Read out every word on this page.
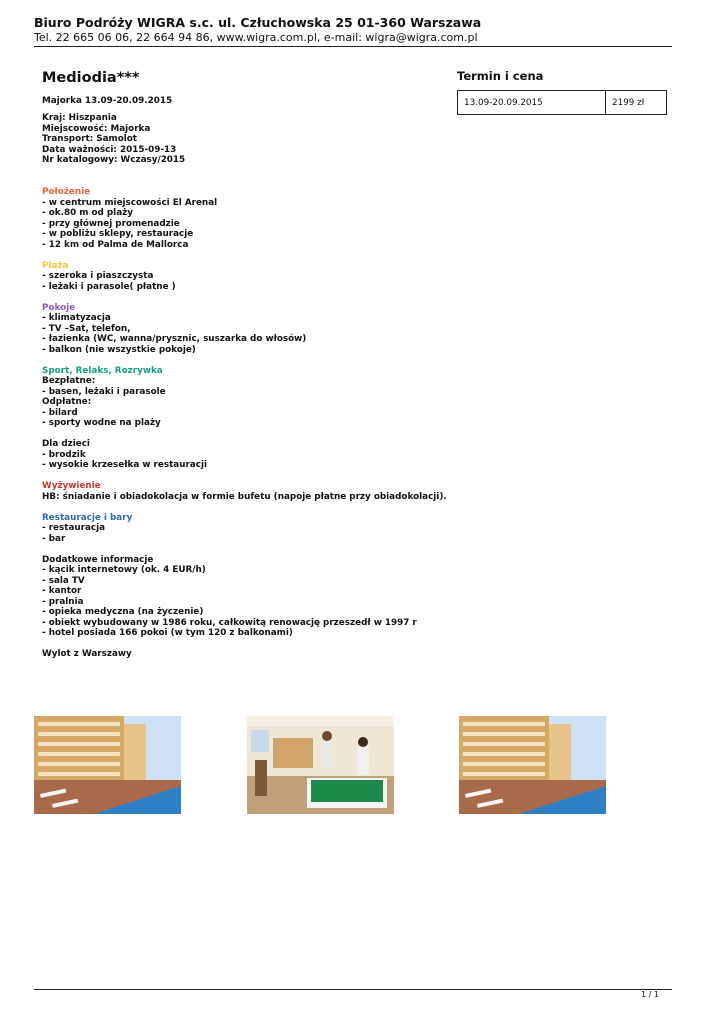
Biuro Podróży WIGRA s.c. ul. Człuchowska 25 01-360 Warszawa
Tel. 22 665 06 06, 22 664 94 86, www.wigra.com.pl, e-mail: wigra@wigra.com.pl
Mediodia***
Majorka 13.09-20.09.2015
Kraj: Hiszpania
Miejscowość: Majorka
Transport: Samolot
Data ważności: 2015-09-13
Nr katalogowy: Wczasy/2015
Położenie
- w centrum miejscowości El Arenal
- ok.80 m od plaży
- przy głównej promenadzie
- w pobliżu sklepy, restauracje
- 12 km od Palma de Mallorca
Plaża
- szeroka i piaszczysta
- leżaki i parasole( płatne )
Pokoje
- klimatyzacja
- TV –Sat, telefon,
- łazienka (WC, wanna/prysznic, suszarka do włosów)
- balkon (nie wszystkie pokoje)
Sport, Relaks, Rozrywka
Bezpłatne:
- basen, leżaki i parasole
Odpłatne:
- bilard
- sporty wodne na plaży
Dla dzieci
- brodzik
- wysokie krzesełka w restauracji
Wyżywienie
HB: śniadanie i obiadokolacja w formie bufetu (napoje płatne przy obiadokolacji).
Restauracje i bary
- restauracja
- bar
Dodatkowe informacje
- kącik internetowy (ok. 4 EUR/h)
- sala TV
- kantor
- pralnia
- opieka medyczna (na życzenie)
- obiekt wybudowany w 1986 roku, całkowitą renowację przeszedł w 1997 r
- hotel posiada 166 pokoi (w tym 120 z balkonami)
Wylot z Warszawy
Termin i cena
13.09-20.09.2015	2199 zł
1 / 1
